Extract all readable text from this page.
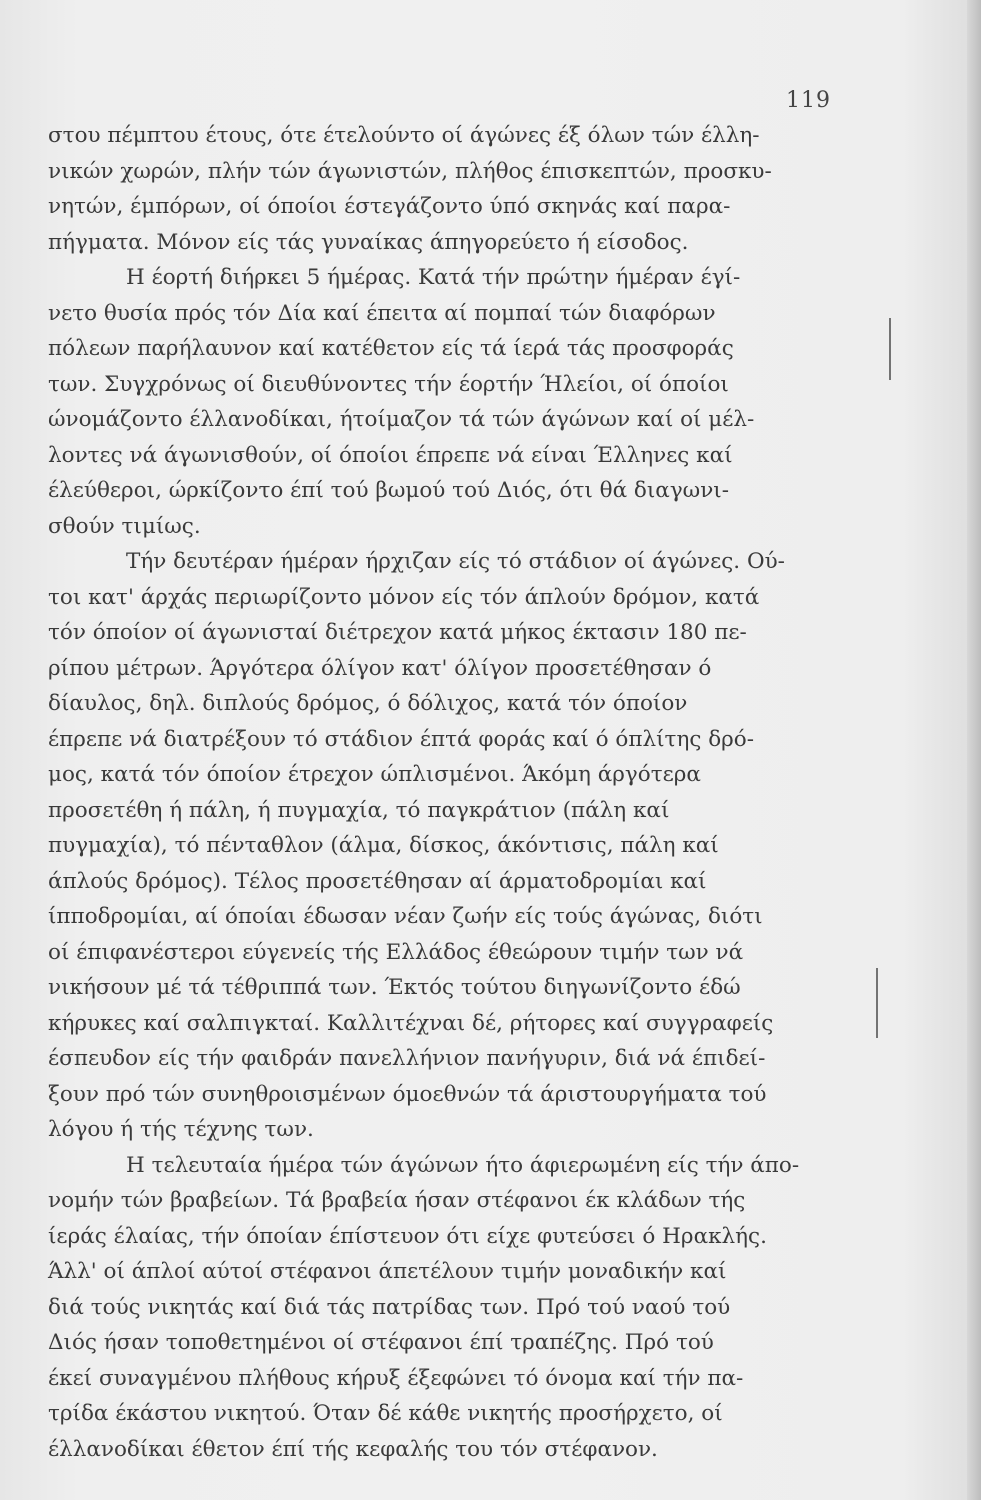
119
στου πέμπτου έτους, ότε έτελούντο οί άγώνες έξ όλων τών έλλη-
νικών χωρών, πλήν τών άγωνιστών, πλήθος έπισκεπτών, προσκυ-
νητών, έμπόρων, οί όποίοι έστεγάζοντο ύπό σκηνάς καί παρα-
πήγματα. Μόνον είς τάς γυναίκας άπηγορεύετο ή είσοδος.
Η έορτή διήρκει 5 ήμέρας. Κατά τήν πρώτην ήμέραν έγί-
νετο θυσία πρός τόν Δία καί έπειτα αί πομπαί τών διαφόρων
πόλεων παρήλαυνον καί κατέθετον είς τά ίερά τάς προσφοράς
των. Συγχρόνως οί διευθύνοντες τήν έορτήν Ήλείοι, οί όποίοι
ώνομάζοντο έλλανοδίκαι, ήτοίμαζον τά τών άγώνων καί οί μέλ-
λοντες νά άγωνισθούν, οί όποίοι έπρεπε νά είναι Έλληνες καί
έλεύθεροι, ώρκίζοντο έπί τού βωμού τού Διός, ότι θά διαγωνι-
σθούν τιμίως.
Τήν δευτέραν ήμέραν ήρχιζαν είς τό στάδιον οί άγώνες. Ού-
τοι κατ' άρχάς περιωρίζοντο μόνον είς τόν άπλούν δρόμον, κατά
τόν όποίον οί άγωνισταί διέτρεχον κατά μήκος έκτασιν 180 πε-
ρίπου μέτρων. Άργότερα όλίγον κατ' όλίγον προσετέθησαν ό
δίαυλος, δηλ. διπλούς δρόμος, ό δόλιχος, κατά τόν όποίον
έπρεπε νά διατρέξουν τό στάδιον έπτά φοράς καί ό όπλίτης δρό-
μος, κατά τόν όποίον έτρεχον ώπλισμένοι. Άκόμη άργότερα
προσετέθη ή πάλη, ή πυγμαχία, τό παγκράτιον (πάλη καί
πυγμαχία), τό πένταθλον (άλμα, δίσκος, άκόντισις, πάλη καί
άπλούς δρόμος). Τέλος προσετέθησαν αί άρματοδρομίαι καί
ίπποδρομίαι, αί όποίαι έδωσαν νέαν ζωήν είς τούς άγώνας, διότι
οί έπιφανέστεροι εύγενείς τής Ελλάδος έθεώρουν τιμήν των νά
νικήσουν μέ τά τέθριππά των. Έκτός τούτου διηγωνίζοντο έδώ
κήρυκες καί σαλπιγκταί. Καλλιτέχναι δέ, ρήτορες καί συγγραφείς
έσπευδον είς τήν φαιδράν πανελλήνιον πανήγυριν, διά νά έπιδεί-
ξουν πρό τών συνηθροισμένων όμοεθνών τά άριστουργήματα τού
λόγου ή τής τέχνης των.
Η τελευταία ήμέρα τών άγώνων ήτο άφιερωμένη είς τήν άπο-
νομήν τών βραβείων. Τά βραβεία ήσαν στέφανοι έκ κλάδων τής
ίεράς έλαίας, τήν όποίαν έπίστευον ότι είχε φυτεύσει ό Ηρακλής.
Άλλ' οί άπλοί αύτοί στέφανοι άπετέλουν τιμήν μοναδικήν καί
διά τούς νικητάς καί διά τάς πατρίδας των. Πρό τού ναού τού
Διός ήσαν τοποθετημένοι οί στέφανοι έπί τραπέζης. Πρό τού
έκεί συναγμένου πλήθους κήρυξ έξεφώνει τό όνομα καί τήν πα-
τρίδα έκάστου νικητού. Όταν δέ κάθε νικητής προσήρχετο, οί
έλλανοδίκαι έθετον έπί τής κεφαλής του τόν στέφανον.
